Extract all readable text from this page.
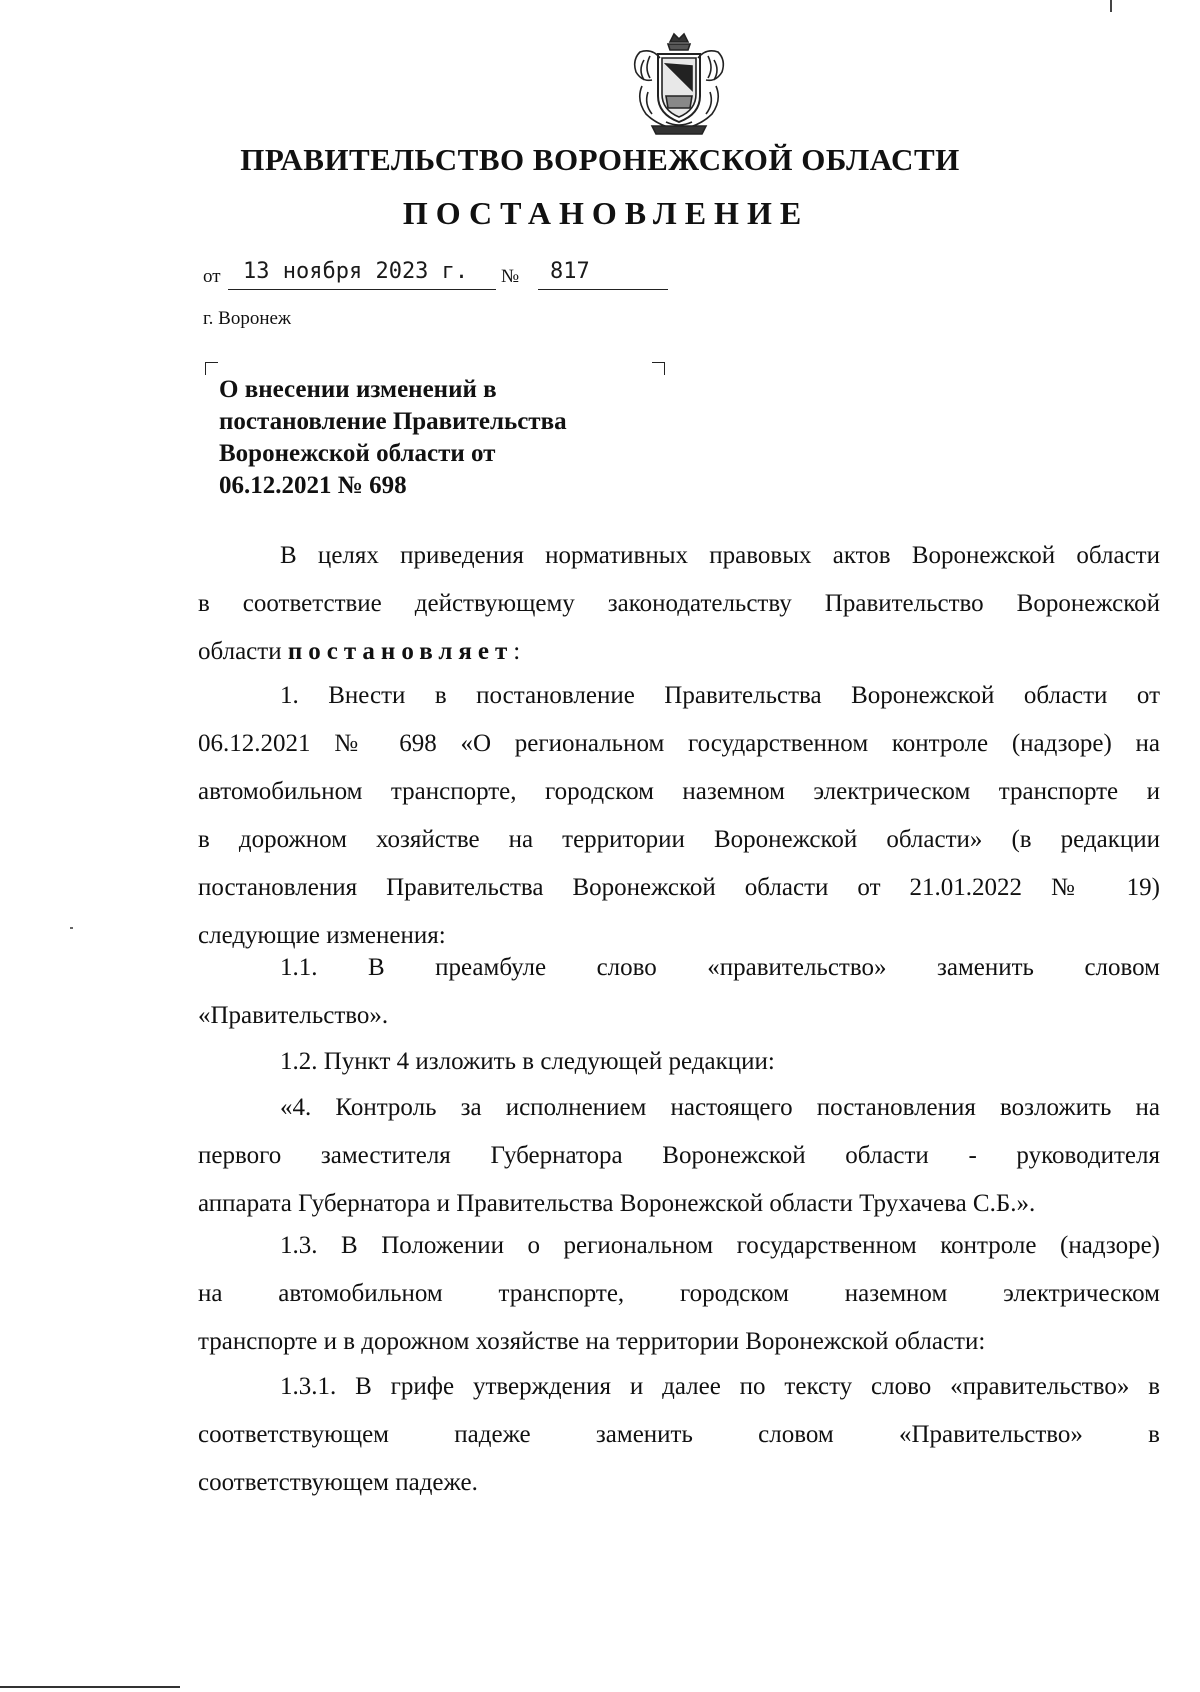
ПРАВИТЕЛЬСТВО ВОРОНЕЖСКОЙ ОБЛАСТИ
ПОСТАНОВЛЕНИЕ
от 13 ноября 2023 г. № 817
г. Воронеж
О внесении изменений в
постановление Правительства
Воронежской области от
06.12.2021 № 698
В целях приведения нормативных правовых актов Воронежской области
в соответствие действующему законодательству Правительство Воронежской
области постановляет:
1. Внести в постановление Правительства Воронежской области от
06.12.2021 № 698 «О региональном государственном контроле (надзоре) на
автомобильном транспорте, городском наземном электрическом транспорте и
в дорожном хозяйстве на территории Воронежской области» (в редакции
постановления Правительства Воронежской области от 21.01.2022 № 19)
следующие изменения:
1.1. В преамбуле слово «правительство» заменить словом
«Правительство».
1.2. Пункт 4 изложить в следующей редакции:
«4. Контроль за исполнением настоящего постановления возложить на
первого заместителя Губернатора Воронежской области - руководителя
аппарата Губернатора и Правительства Воронежской области Трухачева С.Б.».
1.3. В Положении о региональном государственном контроле (надзоре)
на автомобильном транспорте, городском наземном электрическом
транспорте и в дорожном хозяйстве на территории Воронежской области:
1.3.1. В грифе утверждения и далее по тексту слово «правительство» в
соответствующем падеже заменить словом «Правительство» в
соответствующем падеже.
